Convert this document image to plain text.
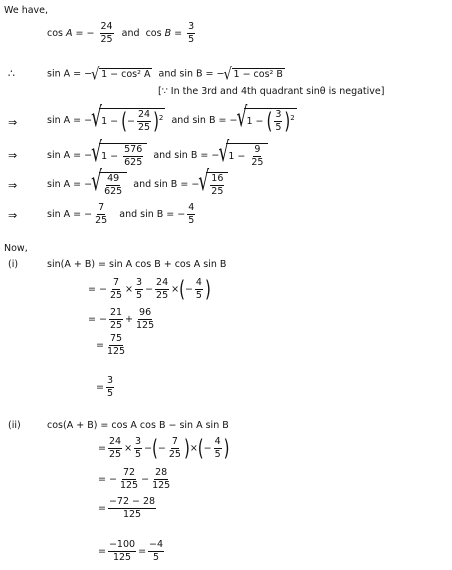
We have,
cos A = − $\frac{24}{25}$ and $\cos B = \frac{3}{5}$
∴	sin A = − √ 1 − cos² A and sin B = − √ 1 − cos² B
[∵ In the 3rd and 4th quadrant sinθ is negative]
⇒	sin A = − √ 1 − (− $\frac{24}{25} )^2$ and sin B = − √ 1 − ( $\frac{3}{5} )^2$
⇒	sin A = − √ $1 - \frac{576}{625}$ and sin B = − √ $1 - \frac{9}{25}$
⇒	sin A = − √ $\frac{49}{625}$ and sin B = − √ $\frac{16}{25}$
⇒	sin A = − $\frac{7}{25}$ and sin B = − $\frac{4}{5}$
Now,
(i)	sin(A + B) = sin A cos B + cos A sin B
= − $\frac{7}{25} \times \frac{3}{5} - \frac{24}{25}$ ×(− $\frac{4}{5}$ )
= − $\frac{21}{25} + \frac{96}{125}$
= $\frac{75}{125}$
= $\frac{3}{5}$
(ii)	cos(A + B) = cos A cos B − sin A sin B
= $\frac{24}{25} \times \frac{3}{5}$ −(− $\frac{7}{25}$ )×(− $\frac{4}{5}$ )
= − $\frac{72}{125} - \frac{28}{125}$
= $\frac{-72 - 28}{125}$
= $\frac{-100}{125} = \frac{-4}{5}$
